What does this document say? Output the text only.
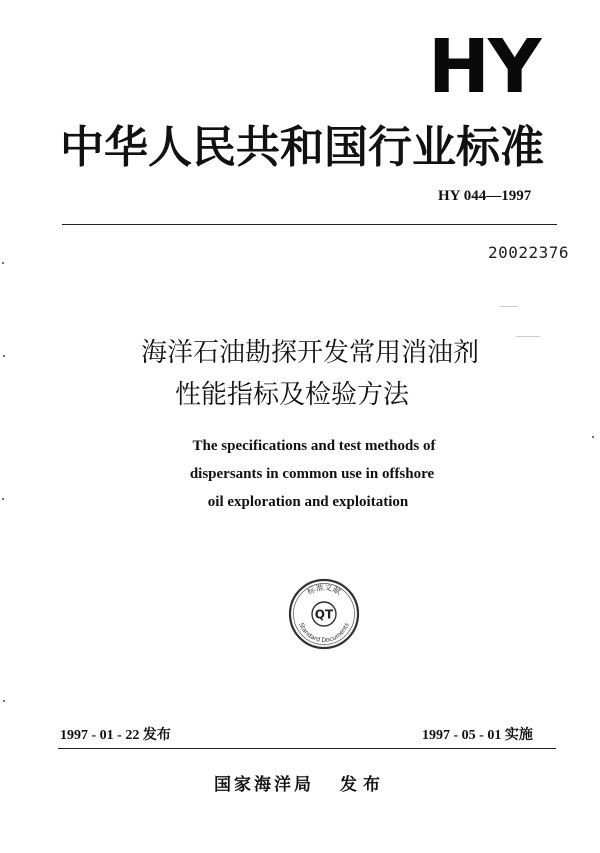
HY
中华人民共和国行业标准
HY 044—1997
20022376
海洋石油勘探开发常用消油剂
性能指标及检验方法
The specifications and test methods of
dispersants in common use in offshore
oil exploration and exploitation
标准文献
Standard Documents
QT
1997 - 01 - 22 发布	1997 - 05 - 01 实施
国家海洋局 发布
